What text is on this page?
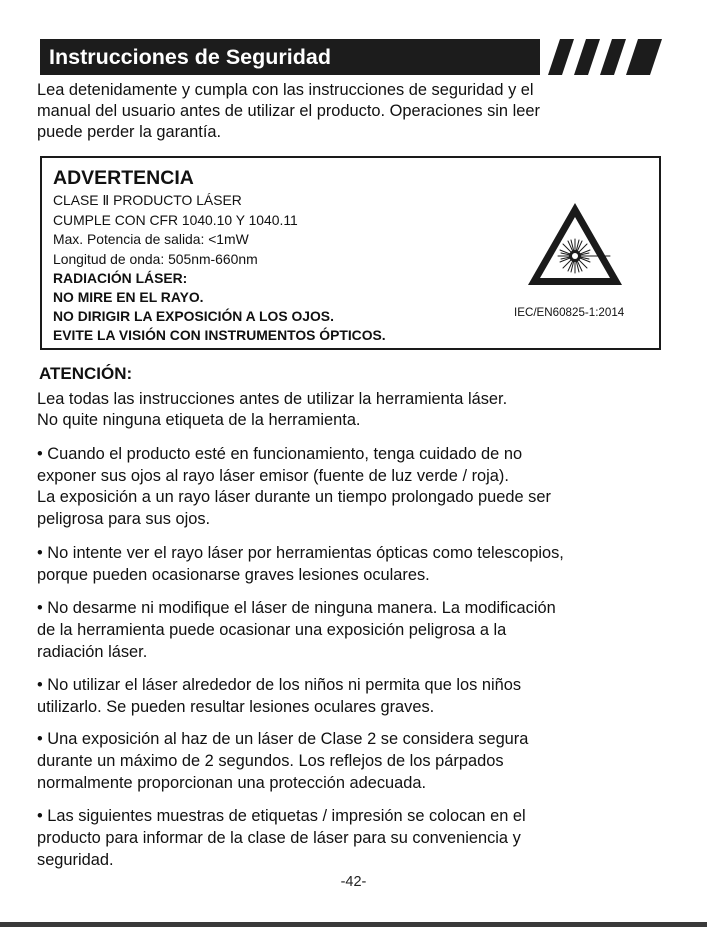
Instrucciones de Seguridad
Lea detenidamente y cumpla con las instrucciones de seguridad y el
manual del usuario antes de utilizar el producto. Operaciones sin leer
puede perder la garantía.
ADVERTENCIA
CLASE Ⅱ PRODUCTO LÁSER
CUMPLE CON CFR 1040.10 Y 1040.11
Max. Potencia de salida: <1mW
Longitud de onda: 505nm-660nm
RADIACIÓN LÁSER:
NO MIRE EN EL RAYO.
NO DIRIGIR LA EXPOSICIÓN A LOS OJOS.
EVITE LA VISIÓN CON INSTRUMENTOS ÓPTICOS.
IEC/EN60825-1:2014
ATENCIÓN:
Lea todas las instrucciones antes de utilizar la herramienta láser.
No quite ninguna etiqueta de la herramienta.
• Cuando el producto esté en funcionamiento, tenga cuidado de no
exponer sus ojos al rayo láser emisor (fuente de luz verde / roja).
La exposición a un rayo láser durante un tiempo prolongado puede ser
peligrosa para sus ojos.
• No intente ver el rayo láser por herramientas ópticas como telescopios,
porque pueden ocasionarse graves lesiones oculares.
• No desarme ni modifique el láser de ninguna manera. La modificación
de la herramienta puede ocasionar una exposición peligrosa a la
radiación láser.
• No utilizar el láser alrededor de los niños ni permita que los niños
utilizarlo. Se pueden resultar lesiones oculares graves.
• Una exposición al haz de un láser de Clase 2 se considera segura
durante un máximo de 2 segundos. Los reflejos de los párpados
normalmente proporcionan una protección adecuada.
• Las siguientes muestras de etiquetas / impresión se colocan en el
producto para informar de la clase de láser para su conveniencia y
seguridad.
-42-
